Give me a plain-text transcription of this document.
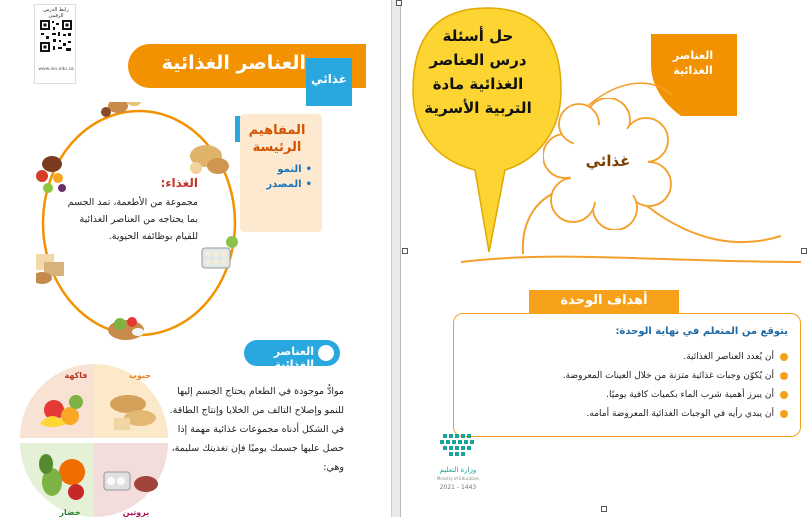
رابط الدرس الرقمي
www.ien.edu.sa	العناصر الغذائية
غذائي
الغذاء:
مجموعة من الأطعمة، تمد الجسم بما يحتاجه من العناصر الغذائية للقيام بوظائفه الحيوية.
المفاهيم الرئيسة
• النمو
• المصدر
العناصر الغذائية

موادُّ موجودة في الطعام يحتاج الجسم إليها للنمو وإصلاح التالف من الخلايا وإنتاج الطاقة.

في الشكل أدناه مجموعات غذائية مهمة إذا حصل عليها جسمك يوميًا فإن تغذيتك سليمة، وهي:

فاكهة	حبوب
خضار	بروتين
حل أسئلة
درس العناصر
الغذائية مادة
التربية الأسرية
العناصر الغذائية
غذائي
يتوقع من المتعلم في نهاية الوحدة:
أن يُعدد العناصر الغذائية.
أن يُكوّن وجبات غذائية متزنة من خلال العينات المعروضة.
أن يبرز أهمية شرب الماء بكميات كافية يوميًا.
أن يبدي رأيه في الوجبات الغذائية المعروضة أمامه.
أهداف الوحدة
وزارة التعليم
Ministry of Education
2021 - 1443
